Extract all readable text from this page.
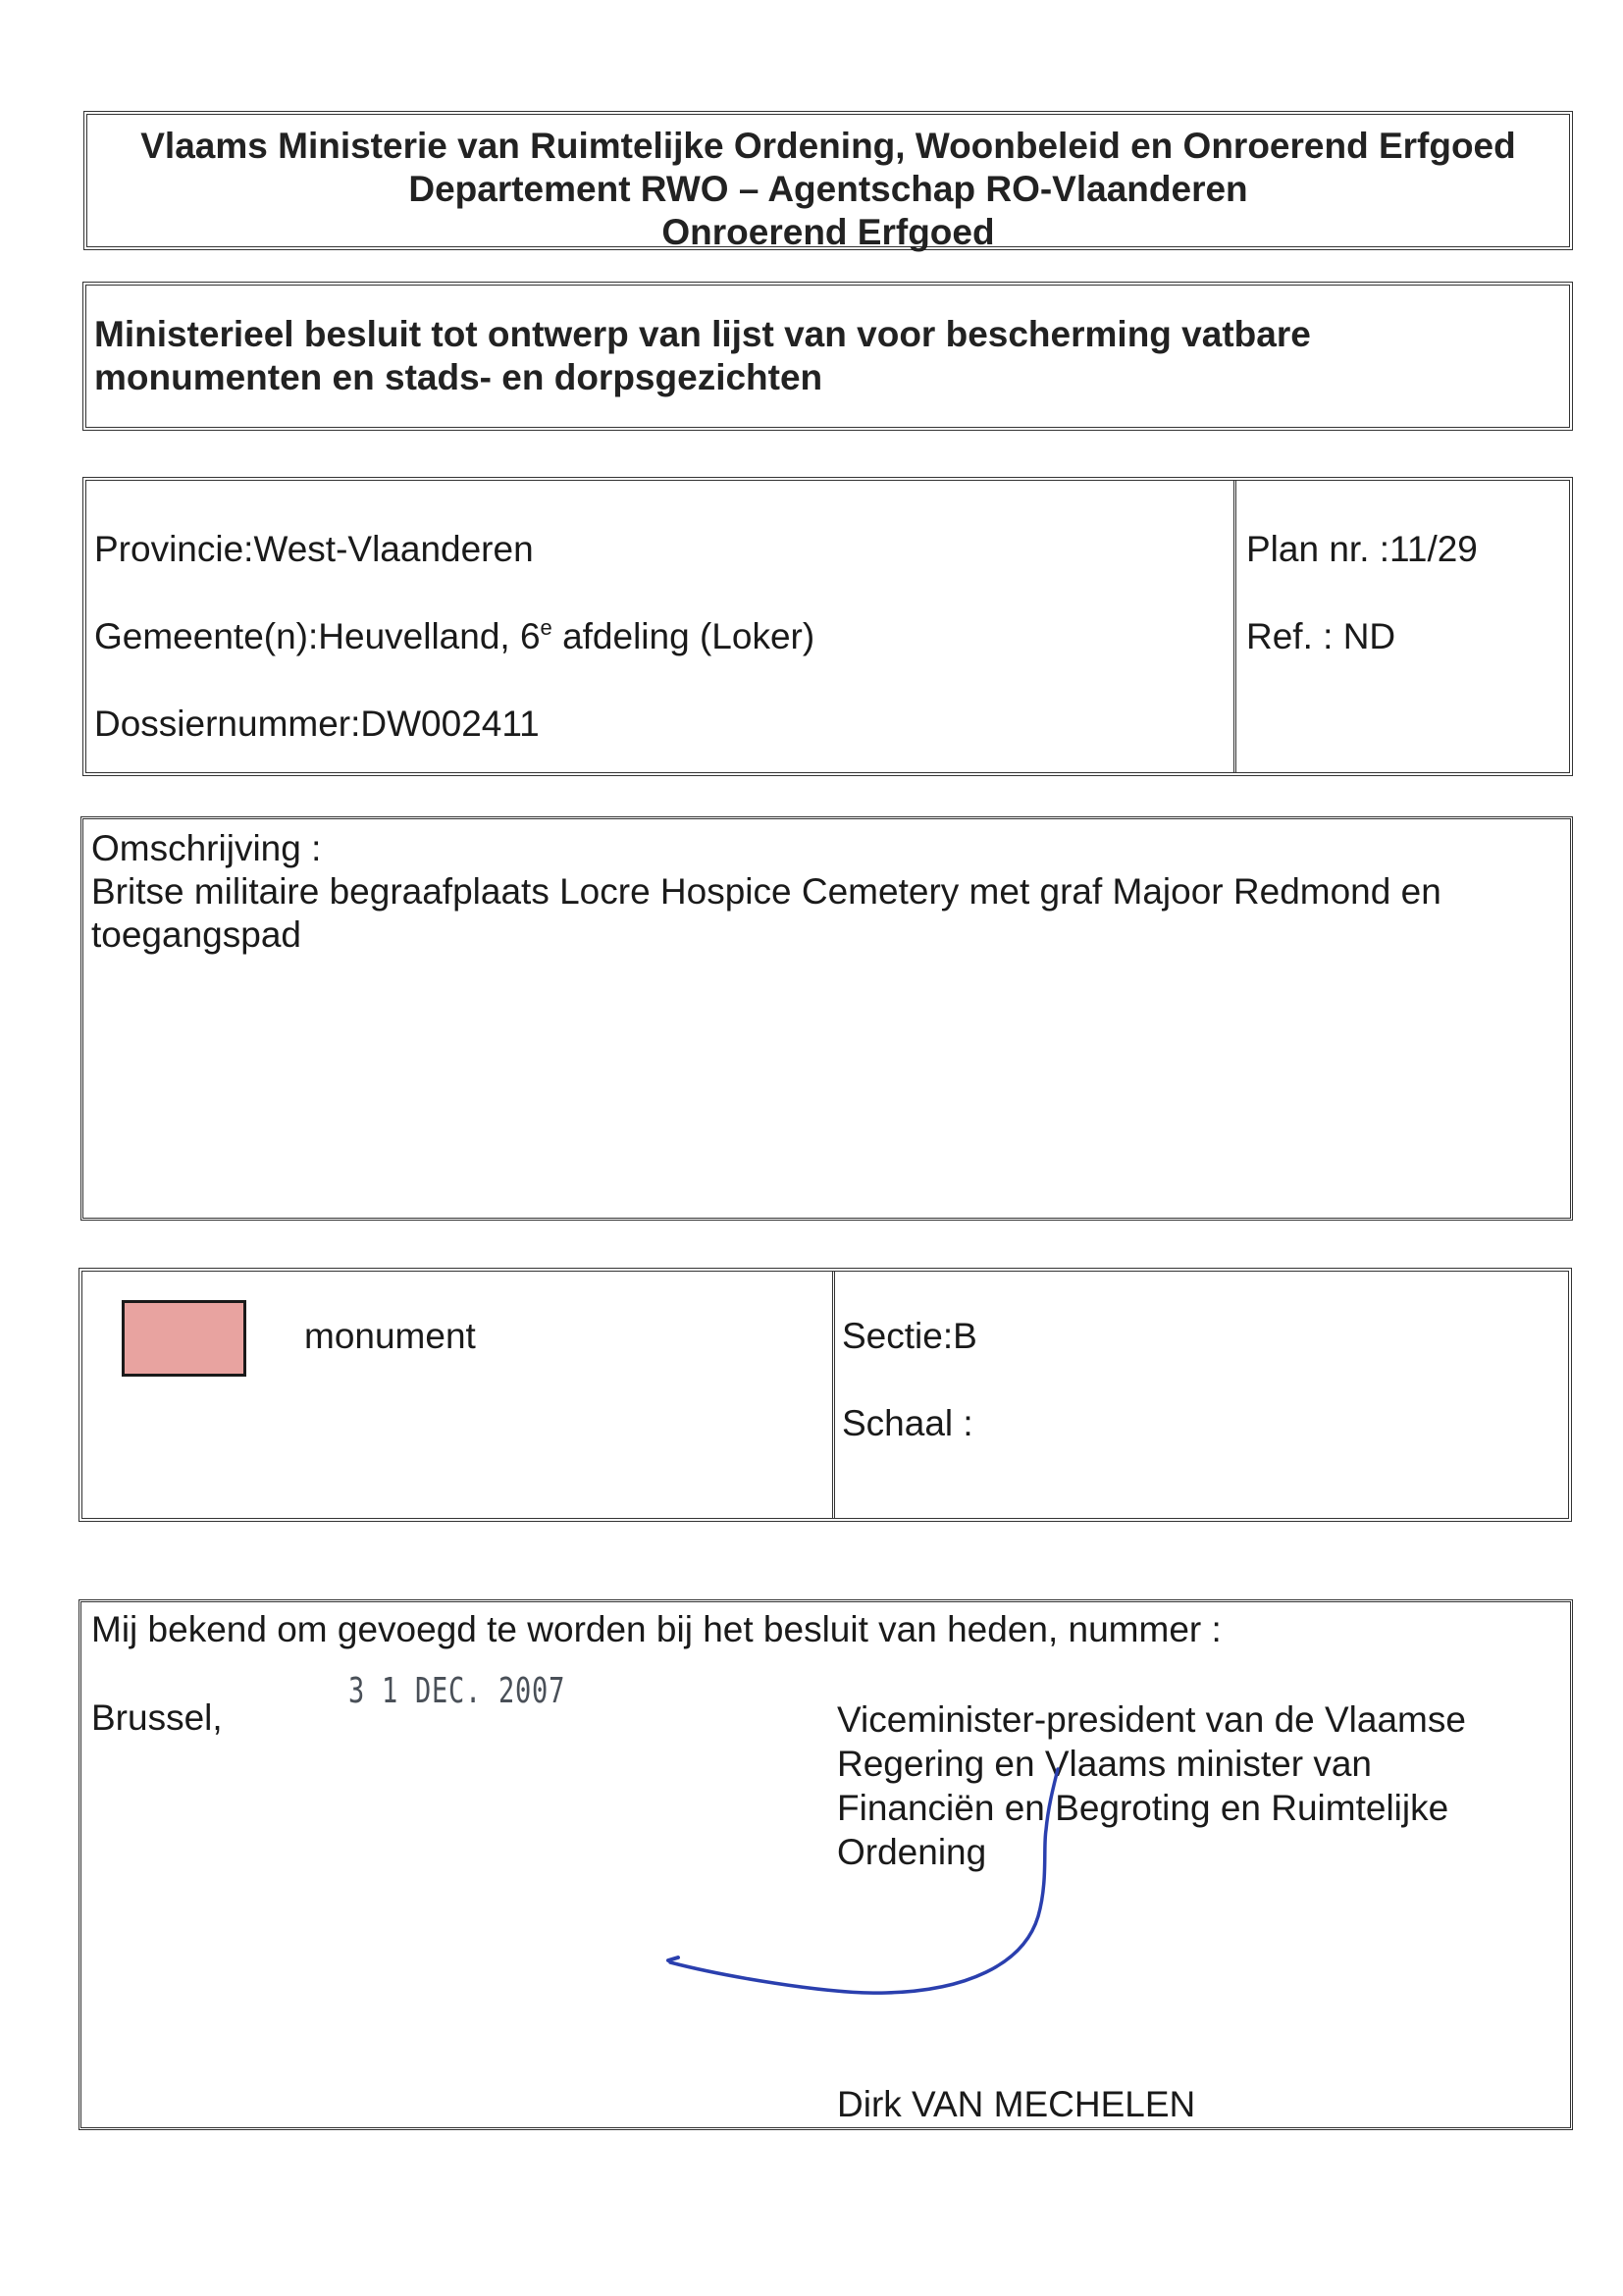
Vlaams Ministerie van Ruimtelijke Ordening, Woonbeleid en Onroerend Erfgoed
Departement RWO – Agentschap RO-Vlaanderen
Onroerend Erfgoed
Ministerieel besluit tot ontwerp van lijst van voor bescherming vatbare
monumenten en stads- en dorpsgezichten
Provincie:West-Vlaanderen
Gemeente(n):Heuvelland, 6e afdeling (Loker)
Dossiernummer:DW002411
Plan nr. :11/29
Ref. : ND
Omschrijving :
Britse militaire begraafplaats Locre Hospice Cemetery met graf Majoor Redmond en
toegangspad
monument	Sectie:B
Schaal :
Mij bekend om gevoegd te worden bij het besluit van heden, nummer :
Brussel,
3 1 DEC. 2007
Viceminister-president van de Vlaamse
Regering en Vlaams minister van
Financiën en Begroting en Ruimtelijke
Ordening
Dirk VAN MECHELEN
